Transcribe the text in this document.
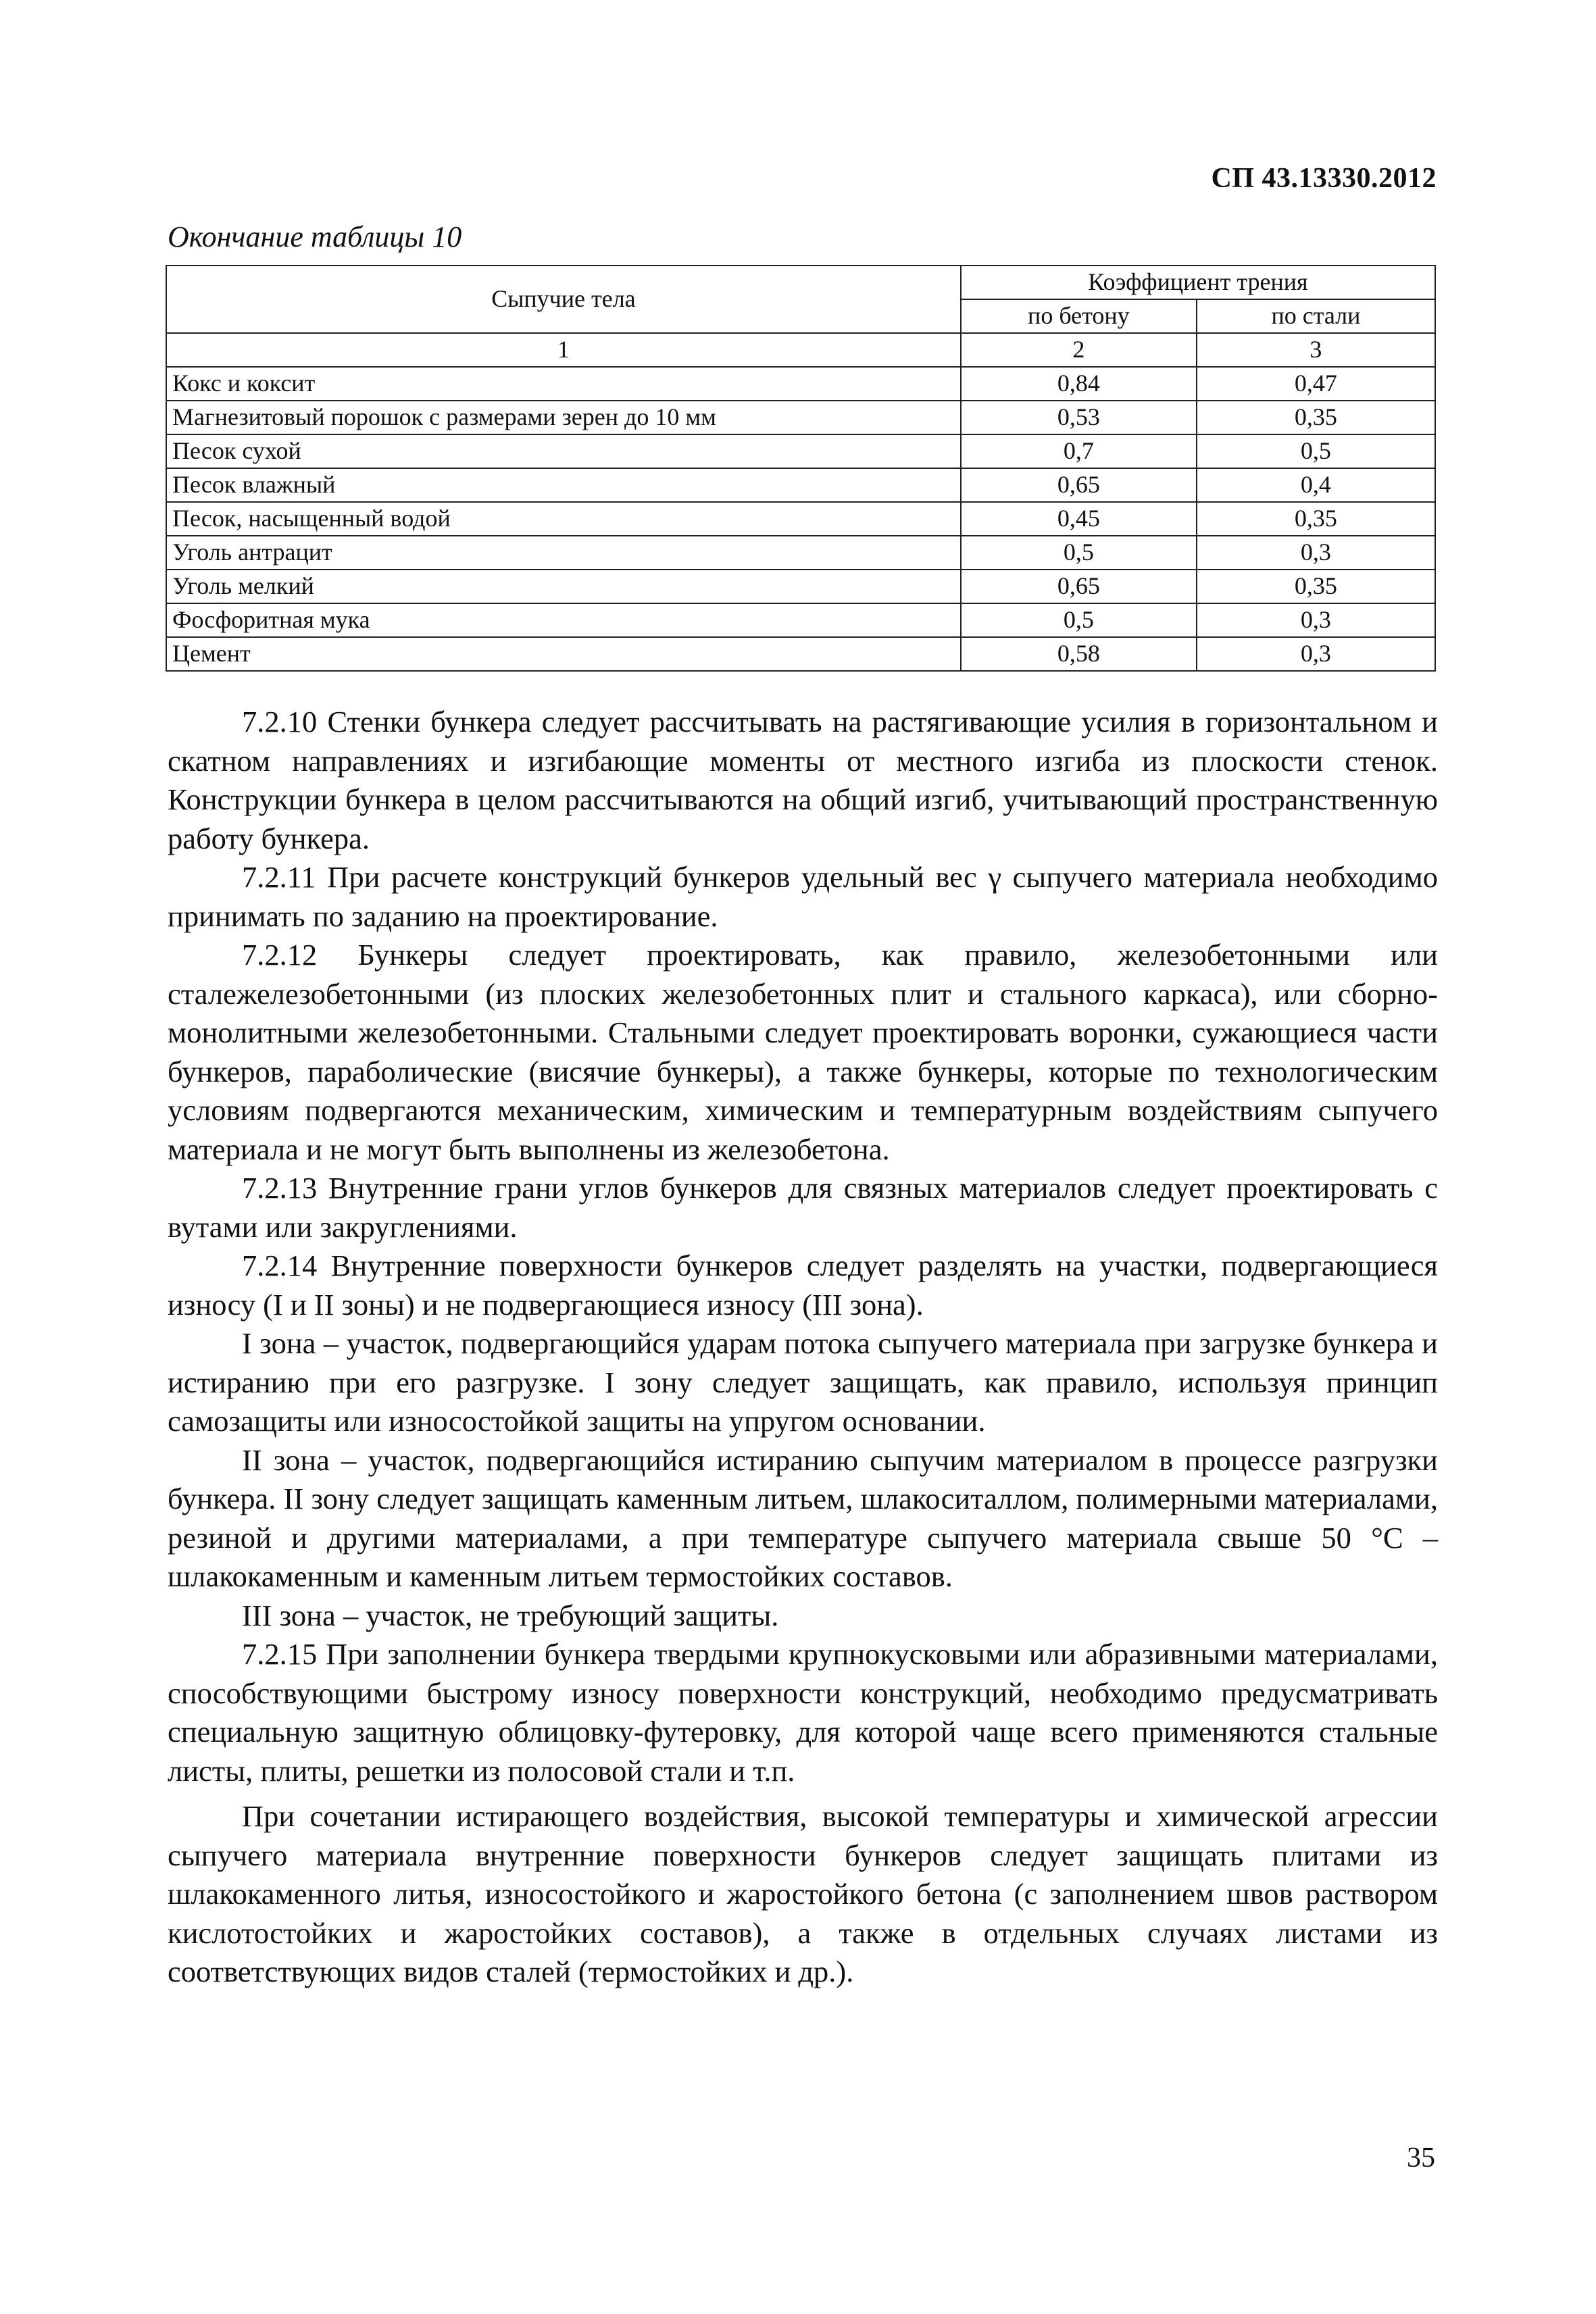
СП 43.13330.2012
Окончание таблицы 10
Сыпучие тела	Коэффициент трения	
	по бетону	по стали
1	2	3
Кокс и коксит	0,84	0,47
Магнезитовый порошок с размерами зерен до 10 мм	0,53	0,35
Песок сухой	0,7	0,5
Песок влажный	0,65	0,4
Песок, насыщенный водой	0,45	0,35
Уголь антрацит	0,5	0,3
Уголь мелкий	0,65	0,35
Фосфоритная мука	0,5	0,3
Цемент	0,58	0,3

7.2.10 Стенки бункера следует рассчитывать на растягивающие усилия в горизонтальном и скатном направлениях и изгибающие моменты от местного изгиба из плоскости стенок. Конструкции бункера в целом рассчитываются на общий изгиб, учитывающий пространственную работу бункера.

7.2.11 При расчете конструкций бункеров удельный вес γ сыпучего материала необходимо принимать по заданию на проектирование.

7.2.12 Бункеры следует проектировать, как правило, железобетонными или сталежелезобетонными (из плоских железобетонных плит и стального каркаса), или сборно-монолитными железобетонными. Стальными следует проектировать воронки, сужающиеся части бункеров, параболические (висячие бункеры), а также бункеры, которые по технологическим условиям подвергаются механическим, химическим и температурным воздействиям сыпучего материала и не могут быть выполнены из железобетона.

7.2.13 Внутренние грани углов бункеров для связных материалов следует проектировать с вутами или закруглениями.

7.2.14 Внутренние поверхности бункеров следует разделять на участки, подвергающиеся износу (I и II зоны) и не подвергающиеся износу (III зона).

I зона – участок, подвергающийся ударам потока сыпучего материала при загрузке бункера и истиранию при его разгрузке. I зону следует защищать, как правило, используя принцип самозащиты или износостойкой защиты на упругом основании.

II зона – участок, подвергающийся истиранию сыпучим материалом в процессе разгрузки бункера. II зону следует защищать каменным литьем, шлакоситаллом, полимерными материалами, резиной и другими материалами, а при температуре сыпучего материала свыше 50 °С – шлакокаменным и каменным литьем термостойких составов.

III зона – участок, не требующий защиты.

7.2.15 При заполнении бункера твердыми крупнокусковыми или абразивными материалами, способствующими быстрому износу поверхности конструкций, необходимо предусматривать специальную защитную облицовку-футеровку, для которой чаще всего применяются стальные листы, плиты, решетки из полосовой стали и т.п.

При сочетании истирающего воздействия, высокой температуры и химической агрессии сыпучего материала внутренние поверхности бункеров следует защищать плитами из шлакокаменного литья, износостойкого и жаростойкого бетона (с заполнением швов раствором кислотостойких и жаростойких составов), а также в отдельных случаях листами из соответствующих видов сталей (термостойких и др.).

35
